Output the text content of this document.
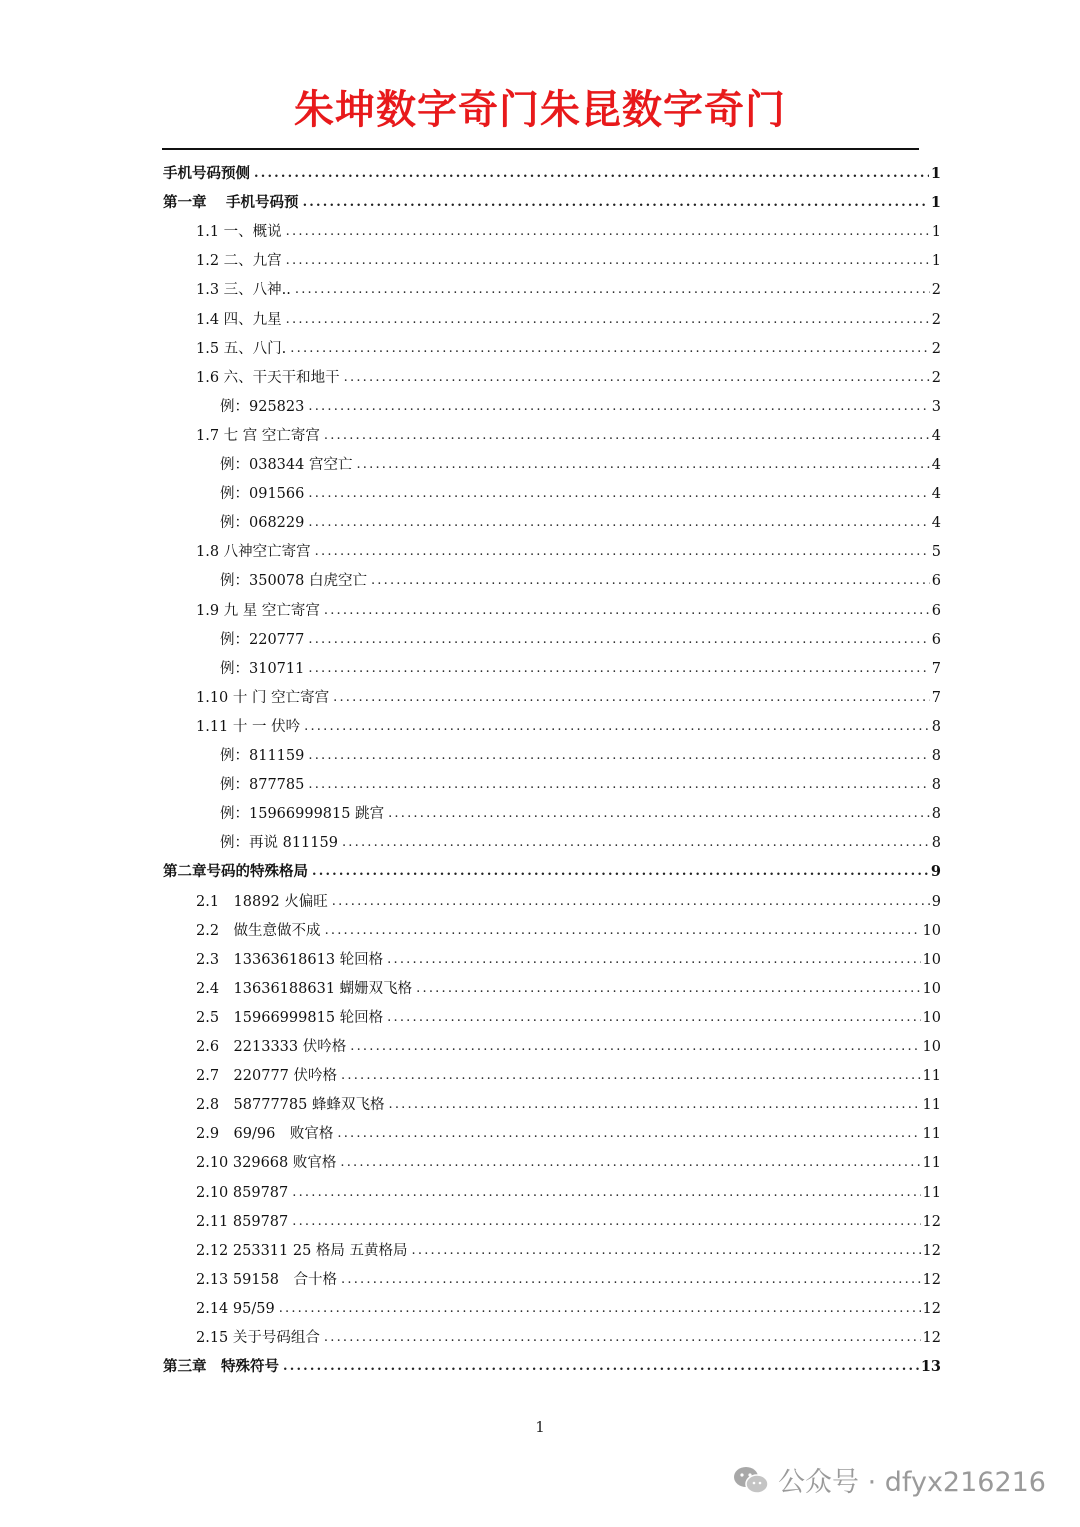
朱坤数字奇门朱昆数字奇门
手机号码预侧 .....	1
第一章　 手机号码预 .....	1
1.1 一、概说 .....	1
1.2 二、九宫 .....	1
1.3 三、八神.. .....	2
1.4 四、九星 .....	2
1.5 五、八门. .....	2
1.6 六、干天干和地干 .....	2
例：925823 .....	3
1.7 七 宫 空亡寄宫 .....	4
例：038344 宫空亡 .....	4
例：091566 .....	4
例：068229 .....	4
1.8 八神空亡寄宫 .....	5
例：350078 白虎空亡 .....	6
1.9 九 星 空亡寄宫 .....	6
例：220777 .....	6
例：310711 .....	7
1.10 十 门 空亡寄宫 .....	7
1.11 十 一 伏吟 .....	8
例：811159 .....	8
例：877785 .....	8
例：15966999815 跳宫 .....	8
例：再说 811159 .....	8
第二章号码的特殊格局 .....	9
2.1　18892 火偏旺 .....	9
2.2　做生意做不成 .....	10
2.3　13363618613 轮回格 .....	10
2.4　13636188631 蝴姗双飞格 .....	10
2.5　15966999815 轮回格 .....	10
2.6　2213333 伏吟格 .....	10
2.7　220777 伏吟格 .....	11
2.8　58777785 蜂蜂双飞格 .....	11
2.9　69/96　败官格 .....	11
2.10 329668 败官格 .....	11
2.10 859787 .....	11
2.11 859787 .....	12
2.12 253311 25 格局 五黄格局 .....	12
2.13 59158　合十格 .....	12
2.14 95/59 .....	12
2.15 关于号码组合 .....	12
第三章　特殊符号 .....	13
1
公众号 · dfyx216216
